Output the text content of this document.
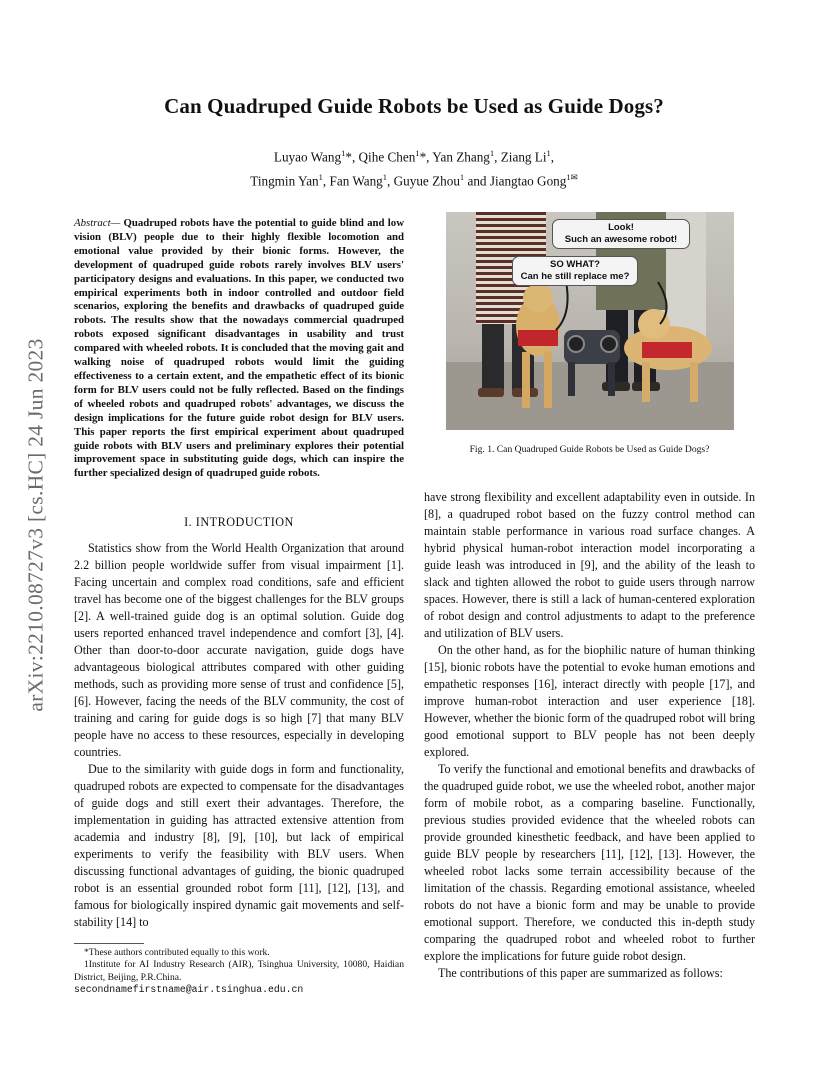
Can Quadruped Guide Robots be Used as Guide Dogs?
Luyao Wang$^1$*, Qihe Chen$^1$*, Yan Zhang$^1$, Ziang Li$^1$,
Tingmin Yan$^1$, Fan Wang$^1$, Guyue Zhou$^1$ and Jiangtao Gong$^{1✉}$
arXiv:2210.08727v3 [cs.HC] 24 Jun 2023
Abstract— Quadruped robots have the potential to guide blind and low vision (BLV) people due to their highly flexible locomotion and emotional value provided by their bionic forms. However, the development of quadruped guide robots rarely involves BLV users' participatory designs and evaluations. In this paper, we conducted two empirical experiments both in indoor controlled and outdoor field scenarios, exploring the benefits and drawbacks of quadruped guide robots. The results show that the nowadays commercial quadruped robots exposed significant disadvantages in usability and trust compared with wheeled robots. It is concluded that the moving gait and walking noise of quadruped robots would limit the guiding effectiveness to a certain extent, and the empathetic effect of its bionic form for BLV users could not be fully reflected. Based on the findings of wheeled robots and quadruped robots' advantages, we discuss the design implications for the future guide robot design for BLV users. This paper reports the first empirical experiment about quadruped guide robots with BLV users and preliminary explores their potential improvement space in substituting guide dogs, which can inspire the further specialized design of quadruped guide robots.
I. INTRODUCTION

Statistics show from the World Health Organization that around 2.2 billion people worldwide suffer from visual impairment [1]. Facing uncertain and complex road conditions, safe and efficient travel has become one of the biggest challenges for the BLV groups [2]. A well-trained guide dog is an optimal solution. Guide dog users reported enhanced travel independence and comfort [3], [4]. Other than door-to-door accurate navigation, guide dogs have advantageous biological attributes compared with other guiding methods, such as providing more sense of trust and confidence [5], [6]. However, facing the needs of the BLV community, the cost of training and caring for guide dogs is so high [7] that many BLV people have no access to these resources, especially in developing countries.

Due to the similarity with guide dogs in form and functionality, quadruped robots are expected to compensate for the disadvantages of guide dogs and still exert their advantages. Therefore, the implementation in guiding has attracted extensive attention from academia and industry [8], [9], [10], but lack of empirical experiments to verify the feasibility with BLV users. When discussing functional advantages of guiding, the bionic quadruped robot is an essential grounded robot form [11], [12], [13], and famous for biologically inspired dynamic gait movements and self-stability [14] to

*These authors contributed equally to this work.
1Institute for AI Industry Research (AIR), Tsinghua University, 10080, Haidian District, Beijing, P.R.China.
secondnamefirstname@air.tsinghua.edu.cn
Look!
Such an awesome robot!
SO WHAT?
Can he still replace me?
Fig. 1. Can Quadruped Guide Robots be Used as Guide Dogs?

have strong flexibility and excellent adaptability even in outside. In [8], a quadruped robot based on the fuzzy control method can maintain stable performance in various road surface changes. A hybrid physical human-robot interaction model incorporating a guide leash was introduced in [9], and the ability of the leash to slack and tighten allowed the robot to guide users through narrow spaces. However, there is still a lack of human-centered exploration of robot design and control adjustments to adapt to the preference and utilization of BLV users.

On the other hand, as for the biophilic nature of human thinking [15], bionic robots have the potential to evoke human emotions and empathetic responses [16], interact directly with people [17], and improve human-robot interaction and user experience [18]. However, whether the bionic form of the quadruped robot will bring good emotional support to BLV people has not been deeply explored.

To verify the functional and emotional benefits and drawbacks of the quadruped guide robot, we use the wheeled robot, another major form of mobile robot, as a comparing baseline. Functionally, previous studies provided evidence that the wheeled robots can provide grounded kinesthetic feedback, and have been applied to guide BLV people by researchers [11], [12], [13]. However, the wheeled robot lacks some terrain accessibility because of the limitation of the chassis. Regarding emotional assistance, wheeled robots do not have a bionic form and may be unable to provide emotional support. Therefore, we conducted this in-depth study comparing the quadruped robot and wheeled robot to further explore the implications for future guide robot design.

The contributions of this paper are summarized as follows:
